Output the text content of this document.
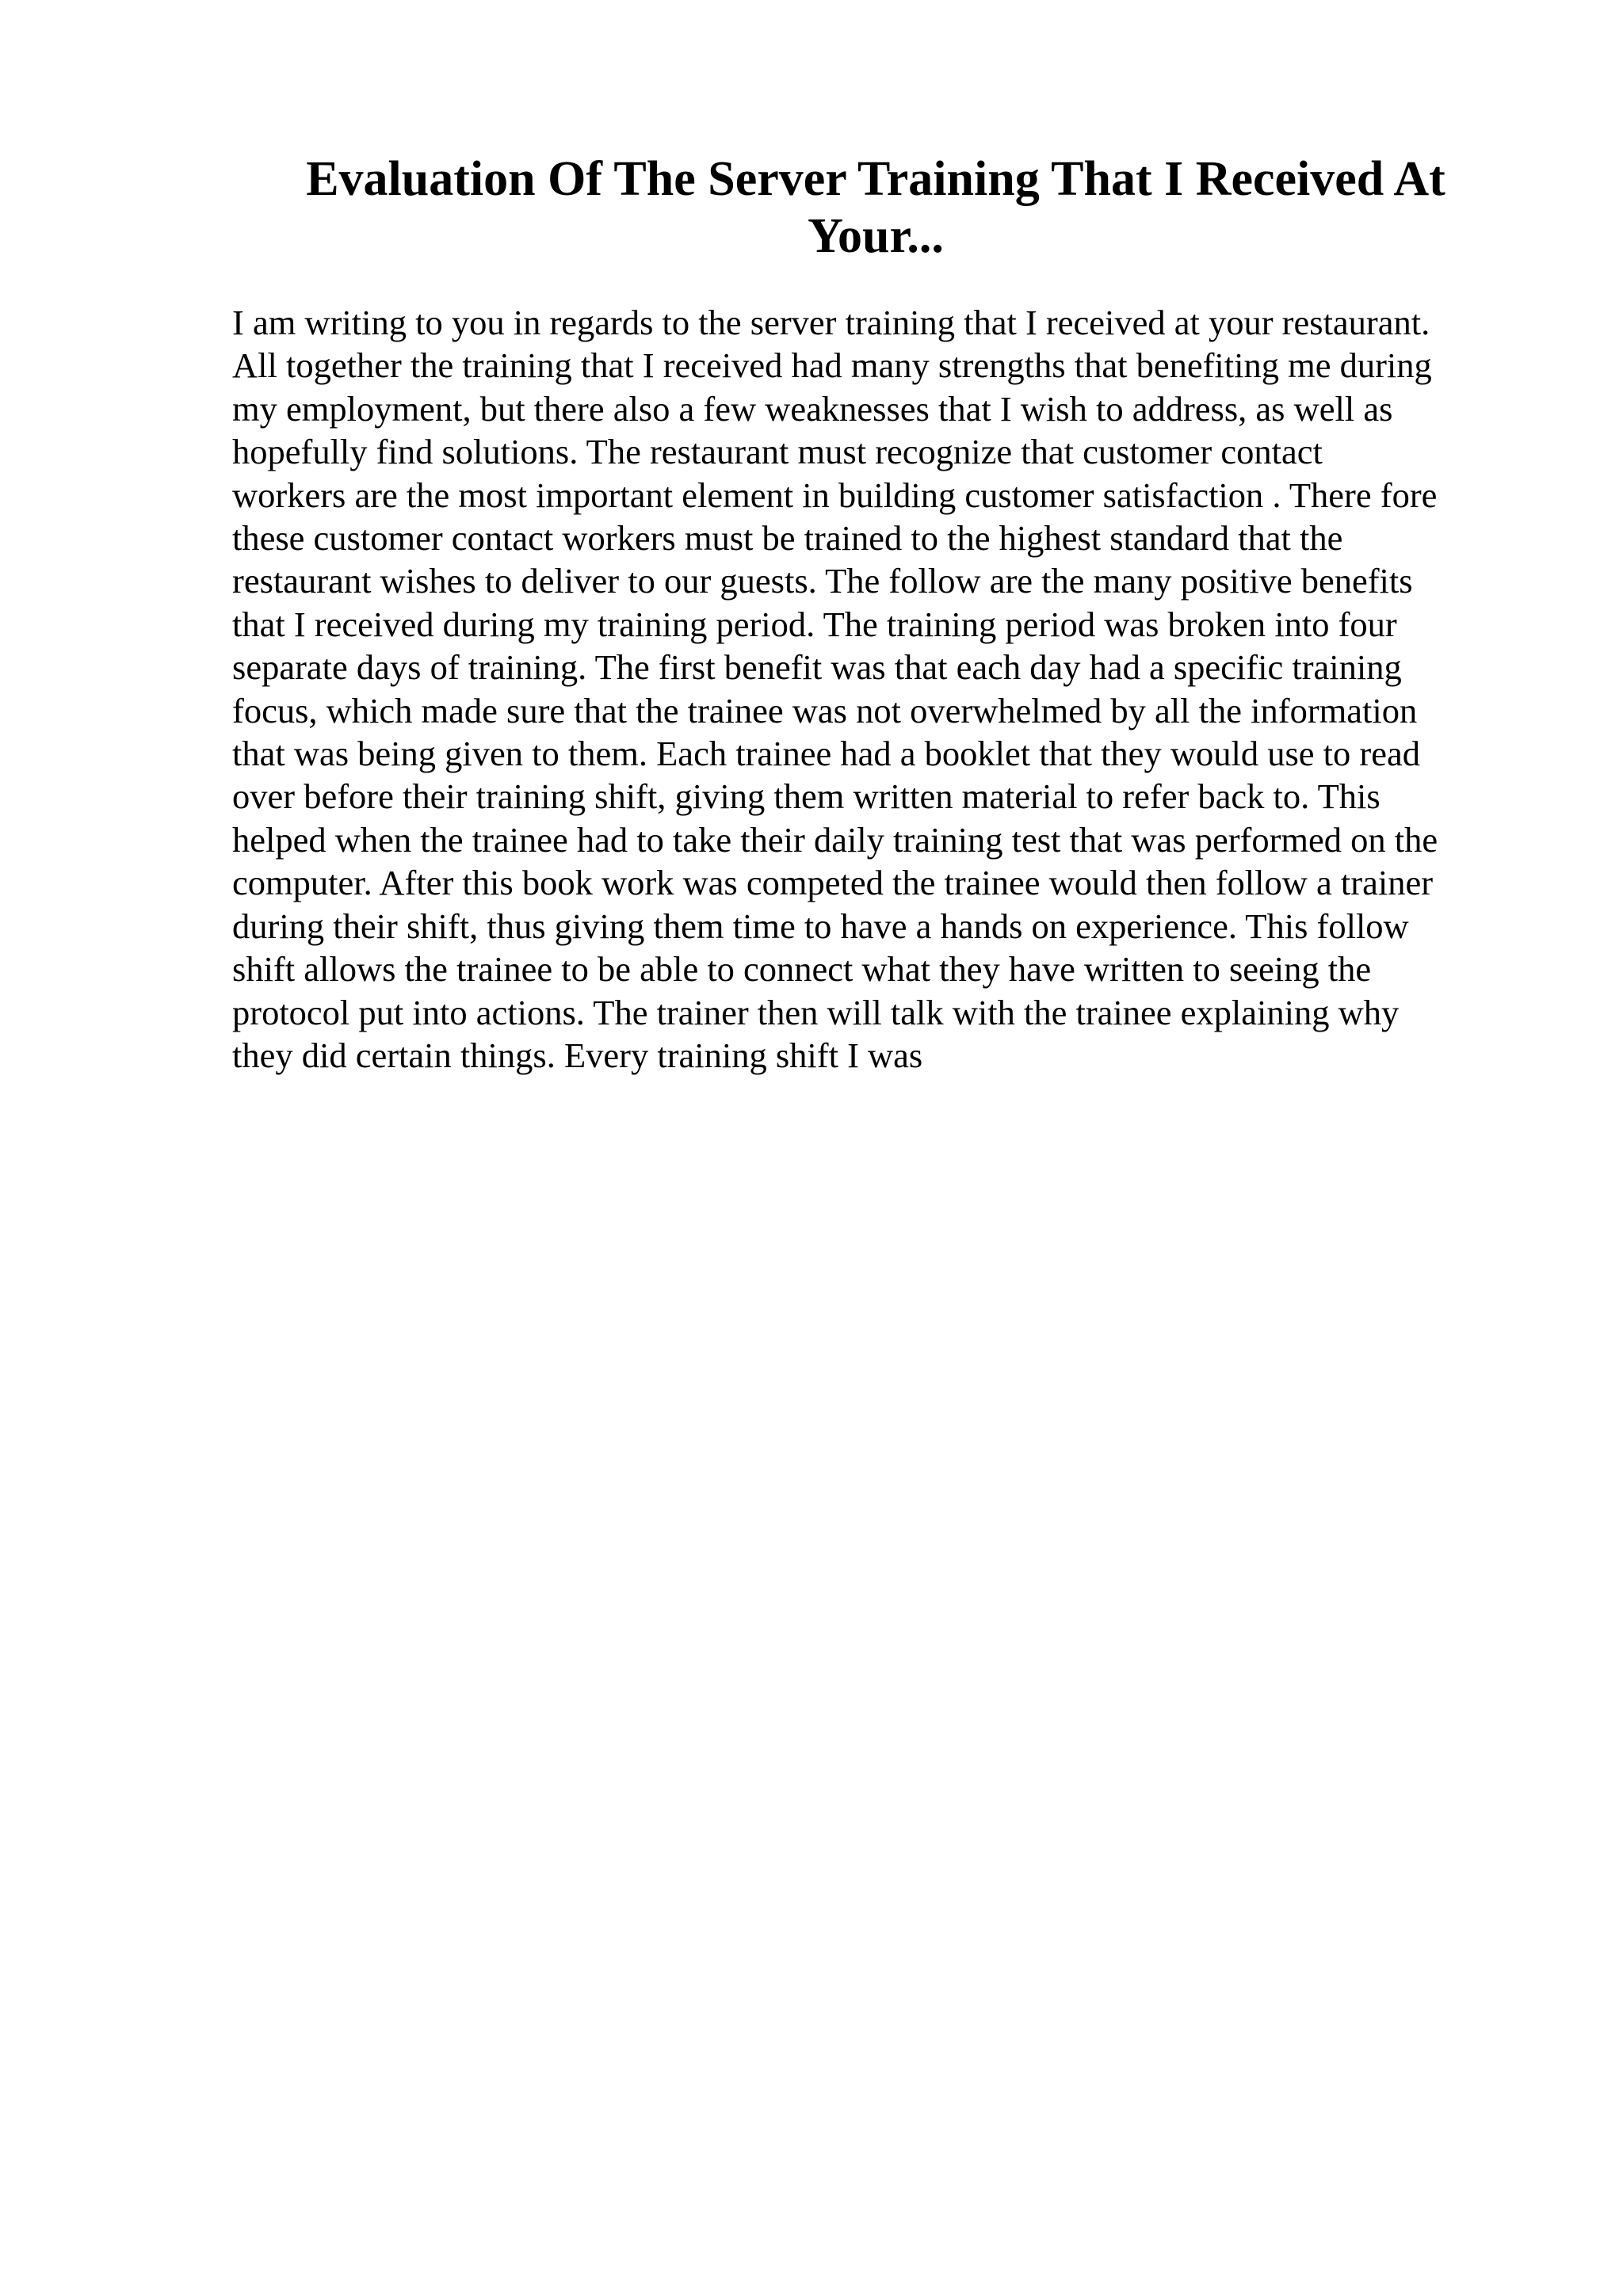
Evaluation Of The Server Training That I Received At
Your...
I am writing to you in regards to the server training that I received at your restaurant.
All together the training that I received had many strengths that benefiting me during
my employment, but there also a few weaknesses that I wish to address, as well as
hopefully find solutions. The restaurant must recognize that customer contact
workers are the most important element in building customer satisfaction . There fore
these customer contact workers must be trained to the highest standard that the
restaurant wishes to deliver to our guests. The follow are the many positive benefits
that I received during my training period. The training period was broken into four
separate days of training. The first benefit was that each day had a specific training
focus, which made sure that the trainee was not overwhelmed by all the information
that was being given to them. Each trainee had a booklet that they would use to read
over before their training shift, giving them written material to refer back to. This
helped when the trainee had to take their daily training test that was performed on the
computer. After this book work was competed the trainee would then follow a trainer
during their shift, thus giving them time to have a hands on experience. This follow
shift allows the trainee to be able to connect what they have written to seeing the
protocol put into actions. The trainer then will talk with the trainee explaining why
they did certain things. Every training shift I was
